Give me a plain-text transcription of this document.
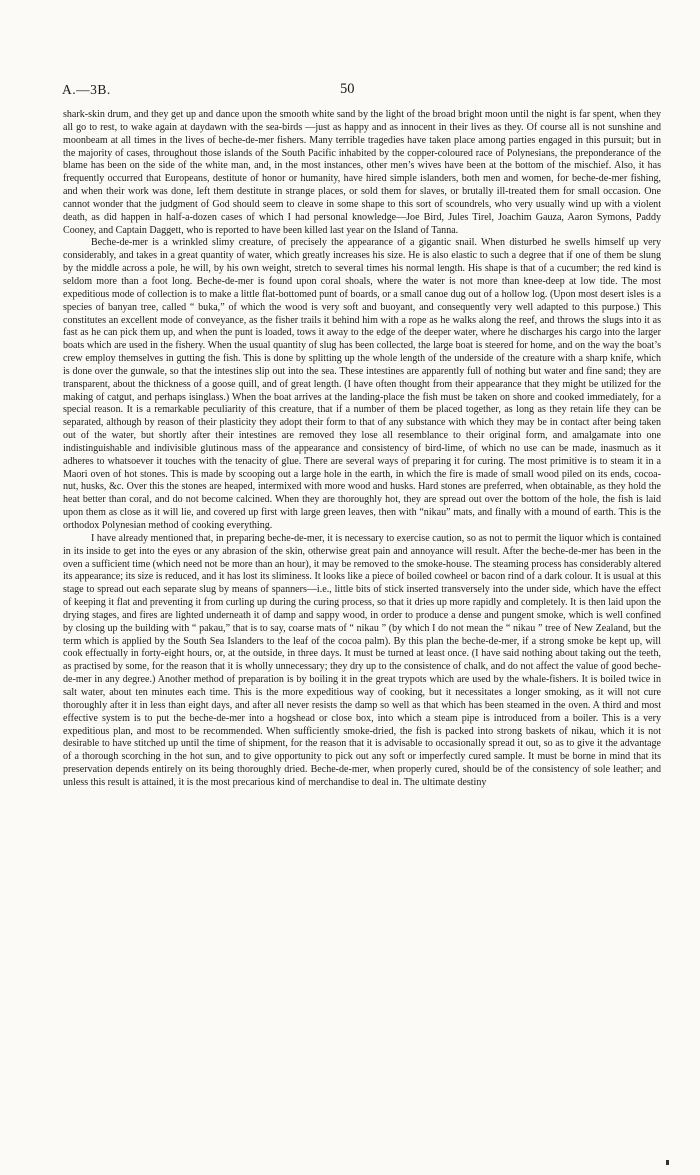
A.—3B.	50

shark-skin drum, and they get up and dance upon the smooth white sand by the light of the broad bright moon until the night is far spent, when they all go to rest, to wake again at daydawn with the sea-birds —just as happy and as innocent in their lives as they. Of course all is not sunshine and moonbeam at all times in the lives of beche-de-mer fishers. Many terrible tragedies have taken place among parties engaged in this pursuit; but in the majority of cases, throughout those islands of the South Pacific inhabited by the copper-coloured race of Polynesians, the preponderance of the blame has been on the side of the white man, and, in the most instances, other men’s wives have been at the bottom of the mischief. Also, it has frequently occurred that Europeans, destitute of honor or humanity, have hired simple islanders, both men and women, for beche-de-mer fishing, and when their work was done, left them destitute in strange places, or sold them for slaves, or brutally ill-treated them for small occasion. One cannot wonder that the judgment of God should seem to cleave in some shape to this sort of scoundrels, who very usually wind up with a violent death, as did happen in half-a-dozen cases of which I had personal knowledge—Joe Bird, Jules Tirel, Joachim Gauza, Aaron Symons, Paddy Cooney, and Captain Daggett, who is reported to have been killed last year on the Island of Tanna.

Beche-de-mer is a wrinkled slimy creature, of precisely the appearance of a gigantic snail. When disturbed he swells himself up very considerably, and takes in a great quantity of water, which greatly increases his size. He is also elastic to such a degree that if one of them be slung by the middle across a pole, he will, by his own weight, stretch to several times his normal length. His shape is that of a cucumber; the red kind is seldom more than a foot long. Beche-de-mer is found upon coral shoals, where the water is not more than knee-deep at low tide. The most expeditious mode of collection is to make a little flat-bottomed punt of boards, or a small canoe dug out of a hollow log. (Upon most desert isles is a species of banyan tree, called “ buka,” of which the wood is very soft and buoyant, and consequently very well adapted to this purpose.) This constitutes an excellent mode of conveyance, as the fisher trails it behind him with a rope as he walks along the reef, and throws the slugs into it as fast as he can pick them up, and when the punt is loaded, tows it away to the edge of the deeper water, where he discharges his cargo into the larger boats which are used in the fishery. When the usual quantity of slug has been collected, the large boat is steered for home, and on the way the boat’s crew employ themselves in gutting the fish. This is done by splitting up the whole length of the underside of the creature with a sharp knife, which is done over the gunwale, so that the intestines slip out into the sea. These intestines are apparently full of nothing but water and fine sand; they are transparent, about the thickness of a goose quill, and of great length. (I have often thought from their appearance that they might be utilized for the making of catgut, and perhaps isinglass.) When the boat arrives at the landing-place the fish must be taken on shore and cooked immediately, for a special reason. It is a remarkable peculiarity of this creature, that if a number of them be placed together, as long as they retain life they can be separated, although by reason of their plasticity they adopt their form to that of any substance with which they may be in contact after being taken out of the water, but shortly after their intestines are removed they lose all resemblance to their original form, and amalgamate into one indistinguishable and indivisible glutinous mass of the appearance and consistency of bird-lime, of which no use can be made, inasmuch as it adheres to whatsoever it touches with the tenacity of glue. There are several ways of preparing it for curing. The most primitive is to steam it in a Maori oven of hot stones. This is made by scooping out a large hole in the earth, in which the fire is made of small wood piled on its ends, cocoa-nut, husks, &c. Over this the stones are heaped, intermixed with more wood and husks. Hard stones are preferred, when obtainable, as they hold the heat better than coral, and do not become calcined. When they are thoroughly hot, they are spread out over the bottom of the hole, the fish is laid upon them as close as it will lie, and covered up first with large green leaves, then with “nikau” mats, and finally with a mound of earth. This is the orthodox Polynesian method of cooking everything.

I have already mentioned that, in preparing beche-de-mer, it is necessary to exercise caution, so as not to permit the liquor which is contained in its inside to get into the eyes or any abrasion of the skin, otherwise great pain and annoyance will result. After the beche-de-mer has been in the oven a sufficient time (which need not be more than an hour), it may be removed to the smoke-house. The steaming process has considerably altered its appearance; its size is reduced, and it has lost its sliminess. It looks like a piece of boiled cowheel or bacon rind of a dark colour. It is usual at this stage to spread out each separate slug by means of spanners—i.e., little bits of stick inserted transversely into the under side, which have the effect of keeping it flat and preventing it from curling up during the curing process, so that it dries up more rapidly and completely. It is then laid upon the drying stages, and fires are lighted underneath it of damp and sappy wood, in order to produce a dense and pungent smoke, which is well confined by closing up the building with “ pakau,” that is to say, coarse mats of “ nikau ” (by which I do not mean the “ nikau ” tree of New Zealand, but the term which is applied by the South Sea Islanders to the leaf of the cocoa palm). By this plan the beche-de-mer, if a strong smoke be kept up, will cook effectually in forty-eight hours, or, at the outside, in three days. It must be turned at least once. (I have said nothing about taking out the teeth, as practised by some, for the reason that it is wholly unnecessary; they dry up to the consistence of chalk, and do not affect the value of good beche-de-mer in any degree.) Another method of preparation is by boiling it in the great trypots which are used by the whale-fishers. It is boiled twice in salt water, about ten minutes each time. This is the more expeditious way of cooking, but it necessitates a longer smoking, as it will not cure thoroughly after it in less than eight days, and after all never resists the damp so well as that which has been steamed in the oven. A third and most effective system is to put the beche-de-mer into a hogshead or close box, into which a steam pipe is introduced from a boiler. This is a very expeditious plan, and most to be recommended. When sufficiently smoke-dried, the fish is packed into strong baskets of nikau, which it is not desirable to have stitched up until the time of shipment, for the reason that it is advisable to occasionally spread it out, so as to give it the advantage of a thorough scorching in the hot sun, and to give opportunity to pick out any soft or imperfectly cured sample. It must be borne in mind that its preservation depends entirely on its being thoroughly dried. Beche-de-mer, when properly cured, should be of the consistency of sole leather; and unless this result is attained, it is the most precarious kind of merchandise to deal in. The ultimate destiny
